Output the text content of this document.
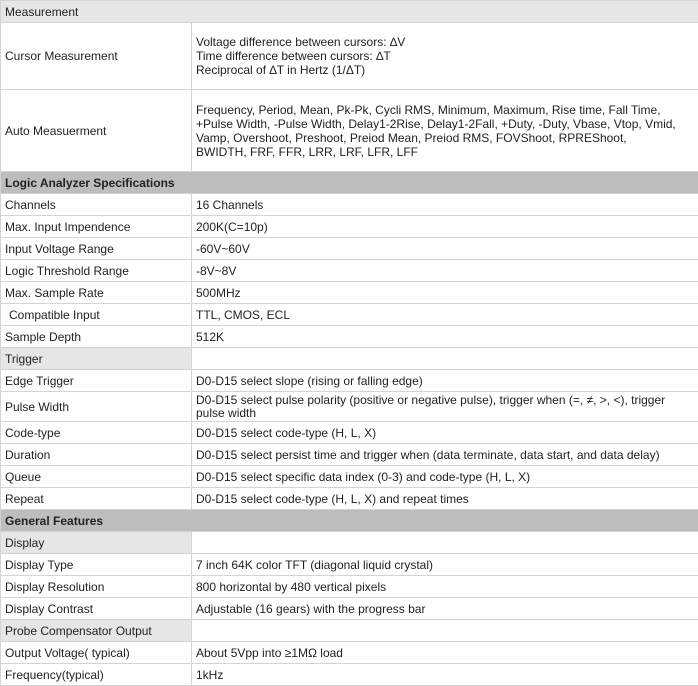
Measurement	
Cursor Measurement	Voltage difference between cursors: ∆V
Time difference between cursors: ∆T
Reciprocal of ∆T in Hertz (1/ΔT)

Auto Measuerment	Frequency, Period, Mean, Pk-Pk, Cycli RMS, Minimum, Maximum, Rise time, Fall Time,
+Pulse Width, -Pulse Width, Delay1-2Rise, Delay1-2Fall, +Duty, -Duty, Vbase, Vtop, Vmid,
Vamp, Overshoot, Preshoot, Preiod Mean, Preiod RMS, FOVShoot, RPREShoot,
BWIDTH, FRF, FFR, LRR, LRF, LFR, LFF

Logic Analyzer Specifications	
Channels	16 Channels
Max. Input Impendence	200K(C=10p)
Input Voltage Range	-60V~60V
Logic Threshold Range	-8V~8V
Max. Sample Rate	500MHz
Compatible Input	TTL, CMOS, ECL
Sample Depth	512K
Trigger	
Edge Trigger	D0-D15 select slope (rising or falling edge)
Pulse Width	D0-D15 select pulse polarity (positive or negative pulse), trigger when (=, ≠, >, <), trigger
pulse width

Code-type	D0-D15 select code-type (H, L, X)
Duration	D0-D15 select persist time and trigger when (data terminate, data start, and data delay)
Queue	D0-D15 select specific data index (0-3) and code-type (H, L, X)
Repeat	D0-D15 select code-type (H, L, X) and repeat times
General Features	
Display	
Display Type	7 inch 64K color TFT (diagonal liquid crystal)
Display Resolution	800 horizontal by 480 vertical pixels
Display Contrast	Adjustable (16 gears) with the progress bar
Probe Compensator Output	
Output Voltage( typical)	About 5Vpp into ≥1MΩ load
Frequency(typical)	1kHz
